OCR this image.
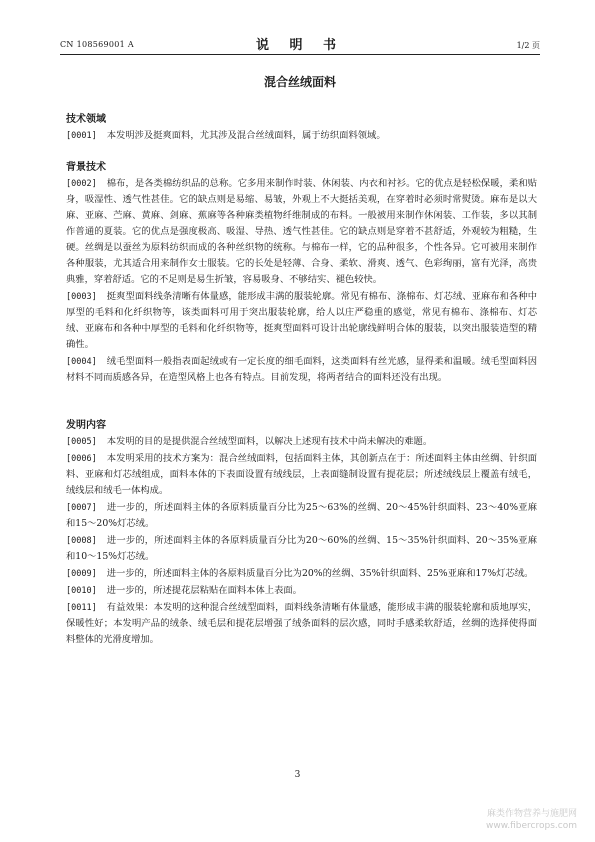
CN 108569001 A	说 明 书	1/2 页
混合丝绒面料
技术领域

[0001] 本发明涉及挺爽面料，尤其涉及混合丝绒面料，属于纺织面料领域。

背景技术

[0002] 棉布，是各类棉纺织品的总称。它多用来制作时装、休闲装、内衣和衬衫。它的优点是轻松保暖，柔和贴身，吸湿性、透气性甚佳。它的缺点则是易缩、易皱，外观上不大挺括美观，在穿着时必须时常熨烫。麻布是以大麻、亚麻、苎麻、黄麻、剑麻、蕉麻等各种麻类植物纤维制成的布料。一般被用来制作休闲装、工作装，多以其制作普通的夏装。它的优点是强度极高、吸湿、导热、透气性甚佳。它的缺点则是穿着不甚舒适，外观较为粗糙，生硬。丝绸是以蚕丝为原料纺织而成的各种丝织物的统称。与棉布一样，它的品种很多，个性各异。它可被用来制作各种服装，尤其适合用来制作女士服装。它的长处是轻薄、合身、柔软、滑爽、透气、色彩绚丽，富有光泽，高贵典雅，穿着舒适。它的不足则是易生折皱，容易吸身、不够结实、褪色较快。

[0003] 挺爽型面料线条清晰有体量感，能形成丰满的服装轮廓。常见有棉布、涤棉布、灯芯绒、亚麻布和各种中厚型的毛料和化纤织物等，该类面料可用于突出服装轮廓，给人以庄严稳重的感觉，常见有棉布、涤棉布、灯芯绒、亚麻布和各种中厚型的毛料和化纤织物等，挺爽型面料可设计出轮廓线鲜明合体的服装，以突出服装造型的精确性。

[0004] 绒毛型面料一般指表面起绒或有一定长度的细毛面料，这类面料有丝光感，显得柔和温暖。绒毛型面料因材料不同而质感各异，在造型风格上也各有特点。目前发现，将两者结合的面料还没有出现。

发明内容

[0005] 本发明的目的是提供混合丝绒型面料，以解决上述现有技术中尚未解决的难题。

[0006] 本发明采用的技术方案为：混合丝绒面料，包括面料主体，其创新点在于：所述面料主体由丝绸、针织面料、亚麻和灯芯绒组成，面料本体的下表面设置有绒线层，上表面缝制设置有提花层；所述绒线层上覆盖有绒毛，绒线层和绒毛一体构成。

[0007] 进一步的，所述面料主体的各原料质量百分比为25～63%的丝绸、20～45%针织面料、23～40%亚麻和15～20%灯芯绒。

[0008] 进一步的，所述面料主体的各原料质量百分比为20～60%的丝绸、15～35%针织面料、20～35%亚麻和10～15%灯芯绒。

[0009] 进一步的，所述面料主体的各原料质量百分比为20%的丝绸、35%针织面料、25%亚麻和17%灯芯绒。

[0010] 进一步的，所述提花层粘贴在面料本体上表面。

[0011] 有益效果：本发明的这种混合丝绒型面料，面料线条清晰有体量感，能形成丰满的服装轮廓和质地厚实，保暖性好；本发明产品的绒条、绒毛层和提花层增强了绒条面料的层次感，同时手感柔软舒适，丝绸的选择使得面料整体的光滑度增加。

3
麻类作物营养与施肥网
www.fibercrops.com
